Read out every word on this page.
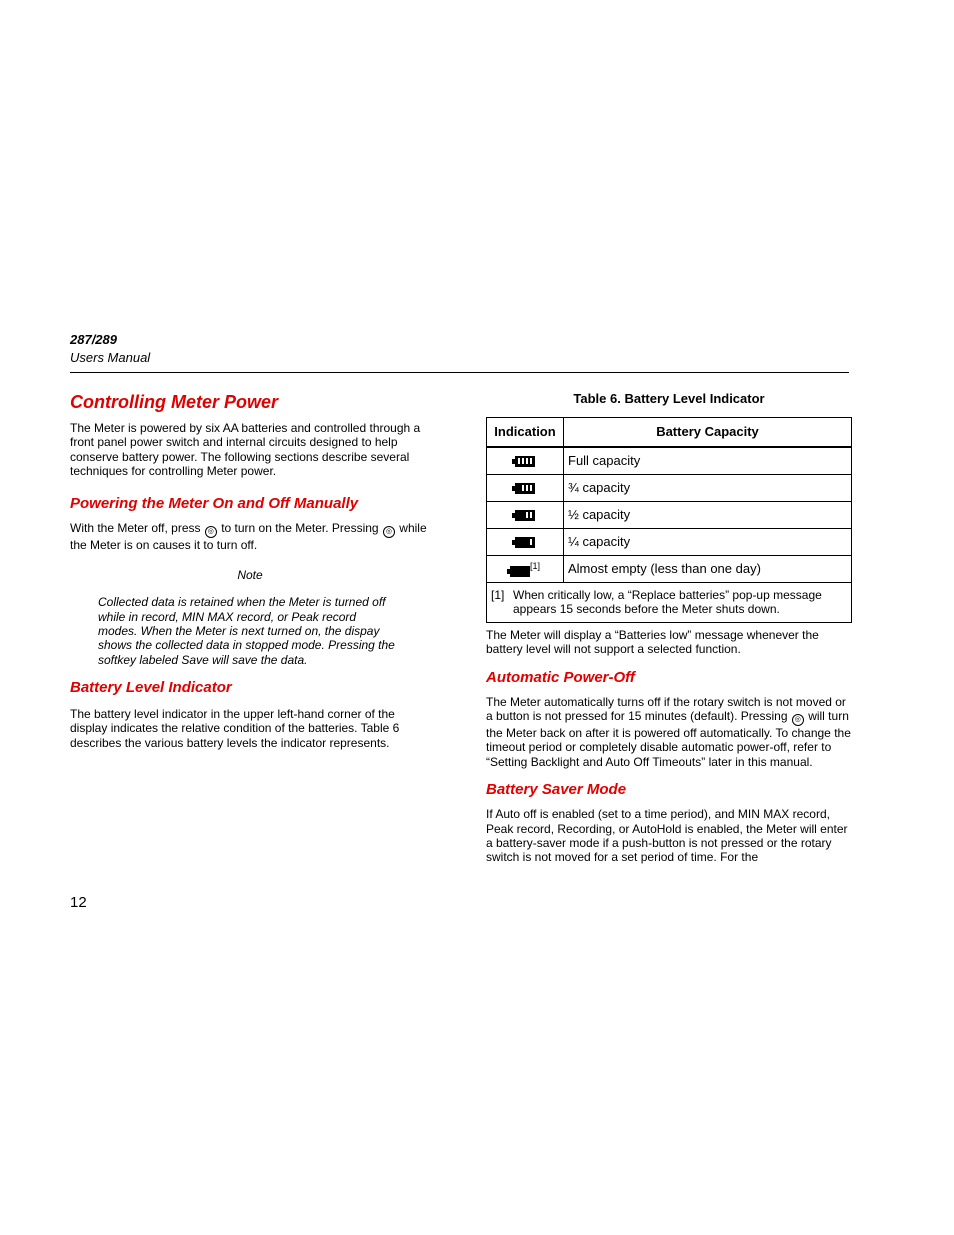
287/289
Users Manual
Controlling Meter Power

The Meter is powered by six AA batteries and controlled through a front panel power switch and internal circuits designed to help conserve battery power. The following sections describe several techniques for controlling Meter power.

Powering the Meter On and Off Manually

With the Meter off, press ◎ to turn on the Meter. Pressing ◎ while the Meter is on causes it to turn off.

Note

Collected data is retained when the Meter is turned off while in record, MIN MAX record, or Peak record modes. When the Meter is next turned on, the dispay shows the collected data in stopped mode. Pressing the softkey labeled Save will save the data.

Battery Level Indicator

The battery level indicator in the upper left-hand corner of the display indicates the relative condition of the batteries. Table 6 describes the various battery levels the indicator represents.

Table 6. Battery Level Indicator
Indication	Battery Capacity

	Full capacity

	¾ capacity

	½ capacity

	¼ capacity
[1]	Almost empty (less than one day)

[1] When critically low, a “Replace batteries” pop-up message appears 15 seconds before the Meter shuts down.	

The Meter will display a “Batteries low” message whenever the battery level will not support a selected function.

Automatic Power-Off

The Meter automatically turns off if the rotary switch is not moved or a button is not pressed for 15 minutes (default). Pressing ◎ will turn the Meter back on after it is powered off automatically. To change the timeout period or completely disable automatic power-off, refer to “Setting Backlight and Auto Off Timeouts” later in this manual.

Battery Saver Mode

If Auto off is enabled (set to a time period), and MIN MAX record, Peak record, Recording, or AutoHold is enabled, the Meter will enter a battery-saver mode if a push-button is not pressed or the rotary switch is not moved for a set period of time. For the

12
